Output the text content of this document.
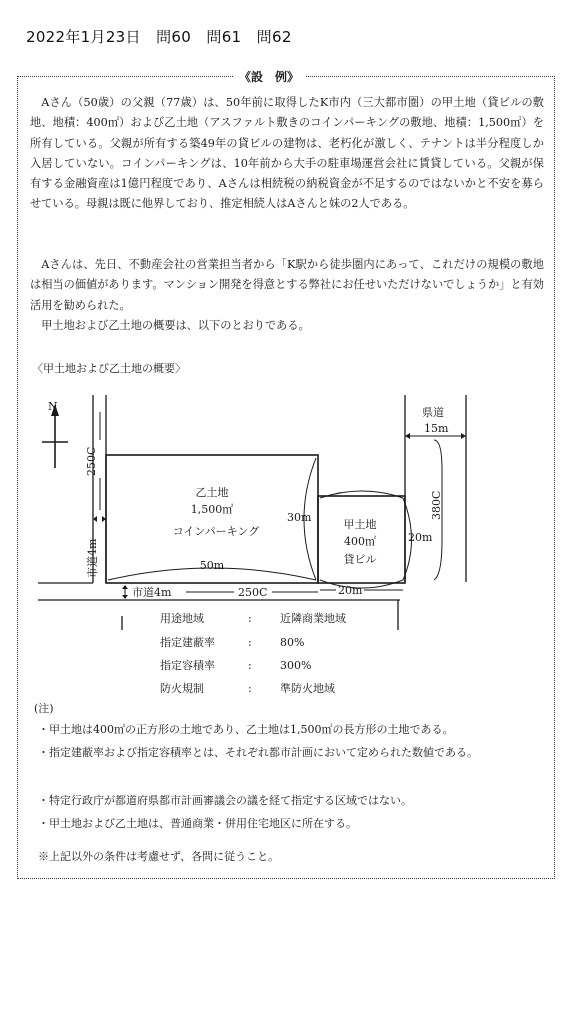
2022年1月23日　問60　問61　問62
《設　例》

Aさん（50歳）の父親（77歳）は、50年前に取得したK市内（三大都市圏）の甲土地（貸ビルの敷地、地積：400㎡）および乙土地（アスファルト敷きのコインパーキングの敷地、地積：1,500㎡）を所有している。父親が所有する築49年の貸ビルの建物は、老朽化が激しく、テナントは半分程度しか入居していない。コインパーキングは、10年前から大手の駐車場運営会社に賃貸している。父親が保有する金融資産は1億円程度であり、Aさんは相続税の納税資金が不足するのではないかと不安を募らせている。母親は既に他界しており、推定相続人はAさんと妹の2人である。

Aさんは、先日、不動産会社の営業担当者から「K駅から徒歩圏内にあって、これだけの規模の敷地は相当の価値があります。マンション開発を得意とする弊社にお任せいただけないでしょうか」と有効活用を勧められた。

甲土地および乙土地の概要は、以下のとおりである。

〈甲土地および乙土地の概要〉
N
250C
市道4m
市道4m	250C	20m
県道
15m
380C
乙土地
1,500㎡
コインパーキング
甲土地
400㎡
貸ビル
50m
30m
20m
用途地域	:	近隣商業地域
指定建蔽率	:	80%
指定容積率	:	300%
防火規制	:	準防火地域
(注)
・甲土地は400㎡の正方形の土地であり、乙土地は1,500㎡の長方形の土地である。
・指定建蔽率および指定容積率とは、それぞれ都市計画において定められた数値である。
・特定行政庁が都道府県都市計画審議会の議を経て指定する区域ではない。
・甲土地および乙土地は、普通商業・併用住宅地区に所在する。
※上記以外の条件は考慮せず、各問に従うこと。
